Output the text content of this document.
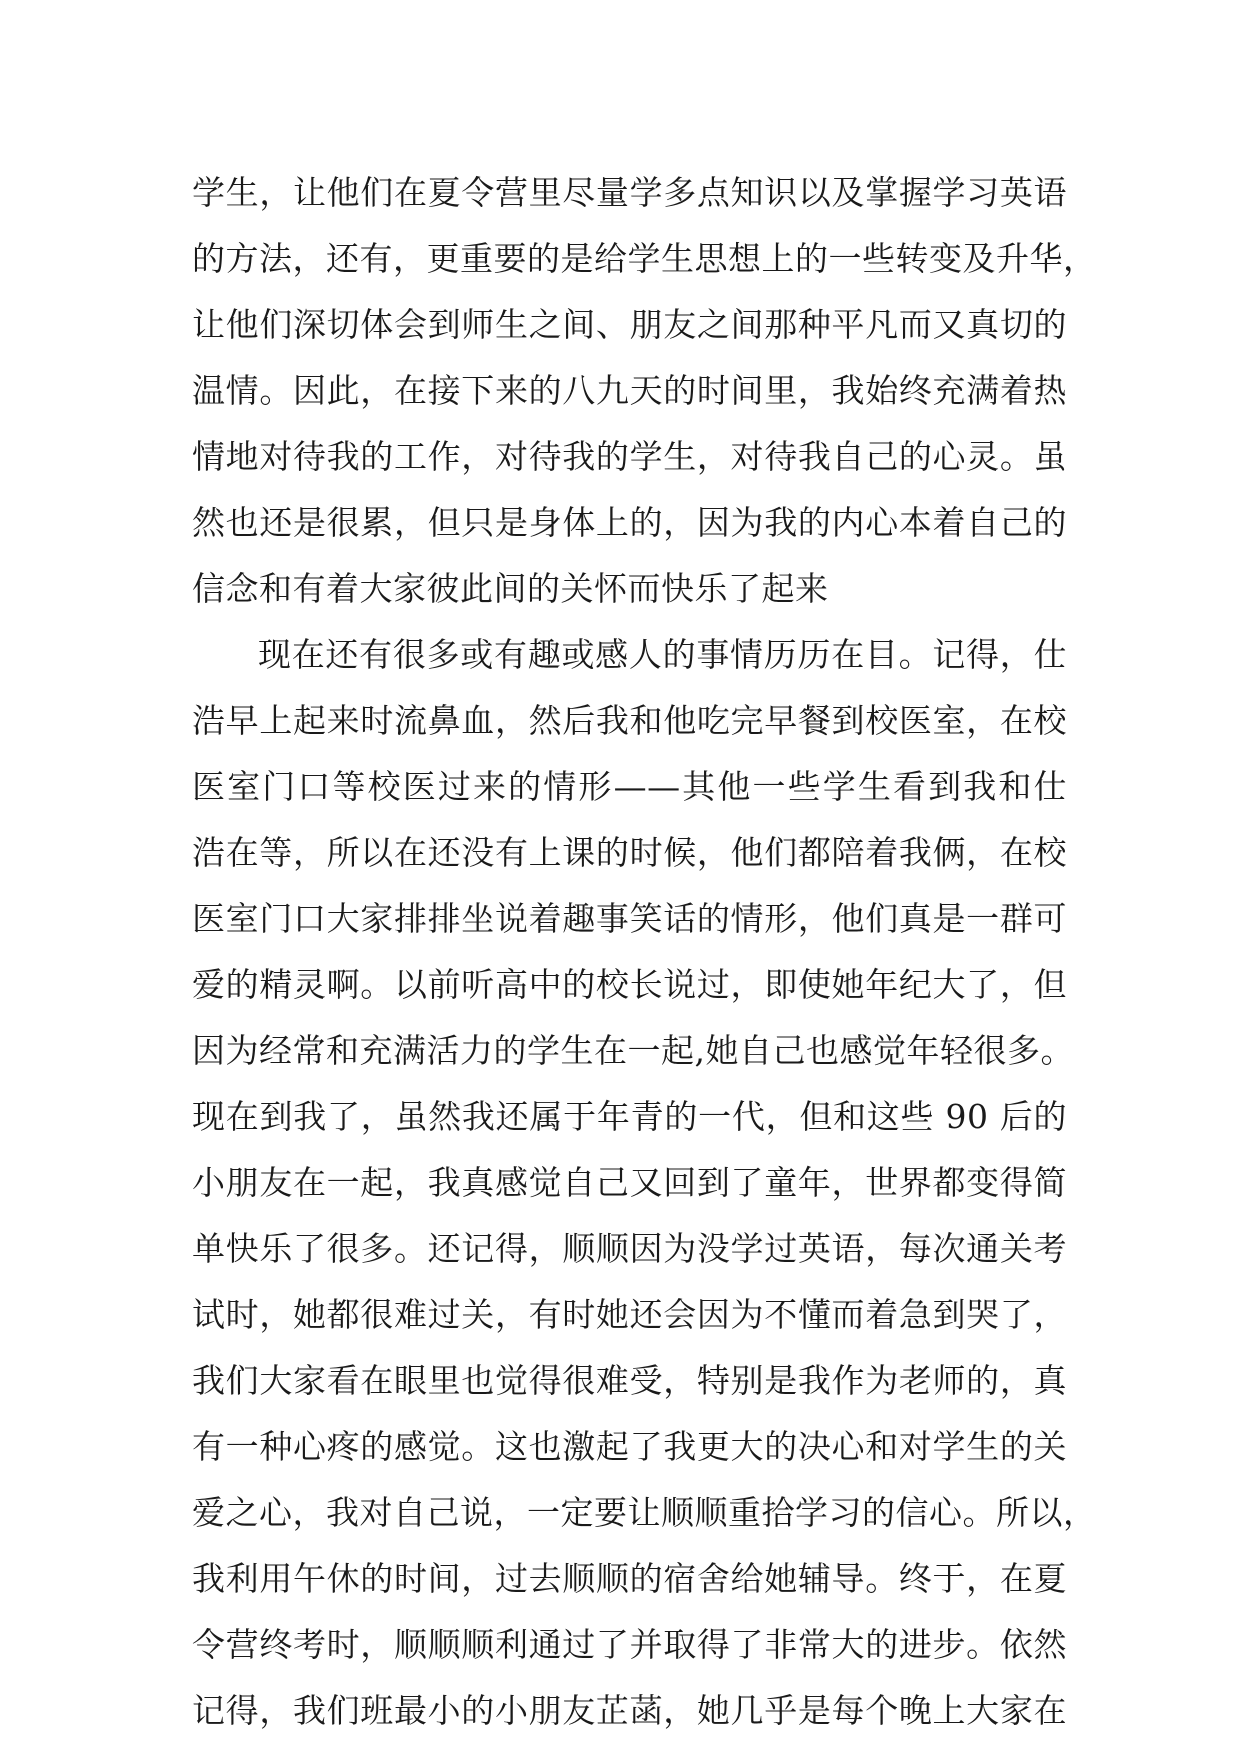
学生，让他们在夏令营里尽量学多点知识以及掌握学习英语
的方法，还有，更重要的是给学生思想上的一些转变及升华，
让他们深切体会到师生之间、朋友之间那种平凡而又真切的
温情。因此，在接下来的八九天的时间里，我始终充满着热
情地对待我的工作，对待我的学生，对待我自己的心灵。虽
然也还是很累，但只是身体上的，因为我的内心本着自己的
信念和有着大家彼此间的关怀而快乐了起来
现在还有很多或有趣或感人的事情历历在目。记得，仕
浩早上起来时流鼻血，然后我和他吃完早餐到校医室，在校
医室门口等校医过来的情形——其他一些学生看到我和仕
浩在等，所以在还没有上课的时候，他们都陪着我俩，在校
医室门口大家排排坐说着趣事笑话的情形，他们真是一群可
爱的精灵啊。以前听高中的校长说过，即使她年纪大了，但
因为经常和充满活力的学生在一起,她自己也感觉年轻很多。
现在到我了，虽然我还属于年青的一代，但和这些 90 后的
小朋友在一起，我真感觉自己又回到了童年，世界都变得简
单快乐了很多。还记得，顺顺因为没学过英语，每次通关考
试时，她都很难过关，有时她还会因为不懂而着急到哭了，
我们大家看在眼里也觉得很难受，特别是我作为老师的，真
有一种心疼的感觉。这也激起了我更大的决心和对学生的关
爱之心，我对自己说，一定要让顺顺重拾学习的信心。所以，
我利用午休的时间，过去顺顺的宿舍给她辅导。终于，在夏
令营终考时，顺顺顺利通过了并取得了非常大的进步。依然
记得，我们班最小的小朋友芷菡，她几乎是每个晚上大家在
